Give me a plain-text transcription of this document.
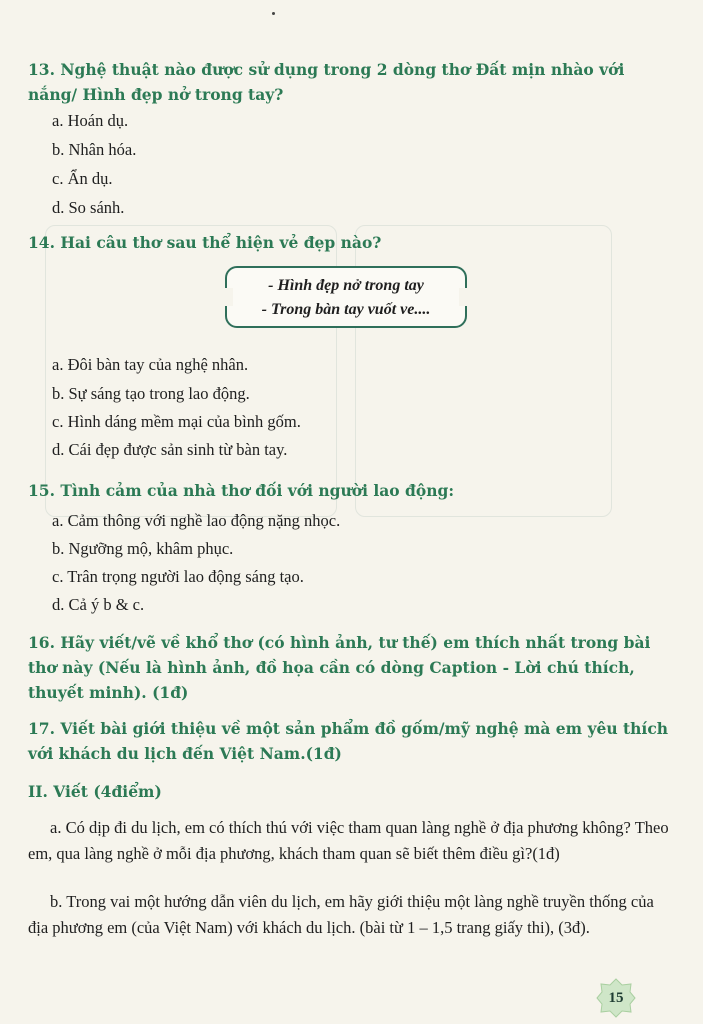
13. Nghệ thuật nào được sử dụng trong 2 dòng thơ Đất mịn nhào với nắng/ Hình đẹp nở trong tay?
a. Hoán dụ.
b. Nhân hóa.
c. Ẩn dụ.
d. So sánh.
14. Hai câu thơ sau thể hiện vẻ đẹp nào?
- Hình đẹp nở trong tay
- Trong bàn tay vuốt ve....
a. Đôi bàn tay của nghệ nhân.
b. Sự sáng tạo trong lao động.
c. Hình dáng mềm mại của bình gốm.
d. Cái đẹp được sản sinh từ bàn tay.
15. Tình cảm của nhà thơ đối với người lao động:
a. Cảm thông với nghề lao động nặng nhọc.
b. Ngưỡng mộ, khâm phục.
c. Trân trọng người lao động sáng tạo.
d. Cả ý b & c.
16. Hãy viết/vẽ về khổ thơ (có hình ảnh, tư thế) em thích nhất trong bài thơ này (Nếu là hình ảnh, đồ họa cần có dòng Caption - Lời chú thích, thuyết minh). (1đ)
17. Viết bài giới thiệu về một sản phẩm đồ gốm/mỹ nghệ mà em yêu thích với khách du lịch đến Việt Nam.(1đ)
II. Viết (4điểm)
a. Có dịp đi du lịch, em có thích thú với việc tham quan làng nghề ở địa phương không? Theo em, qua làng nghề ở mỗi địa phương, khách tham quan sẽ biết thêm điều gì?(1đ)
b. Trong vai một hướng dẫn viên du lịch, em hãy giới thiệu một làng nghề truyền thống của địa phương em (của Việt Nam) với khách du lịch. (bài từ 1 – 1,5 trang giấy thi), (3đ).
15
